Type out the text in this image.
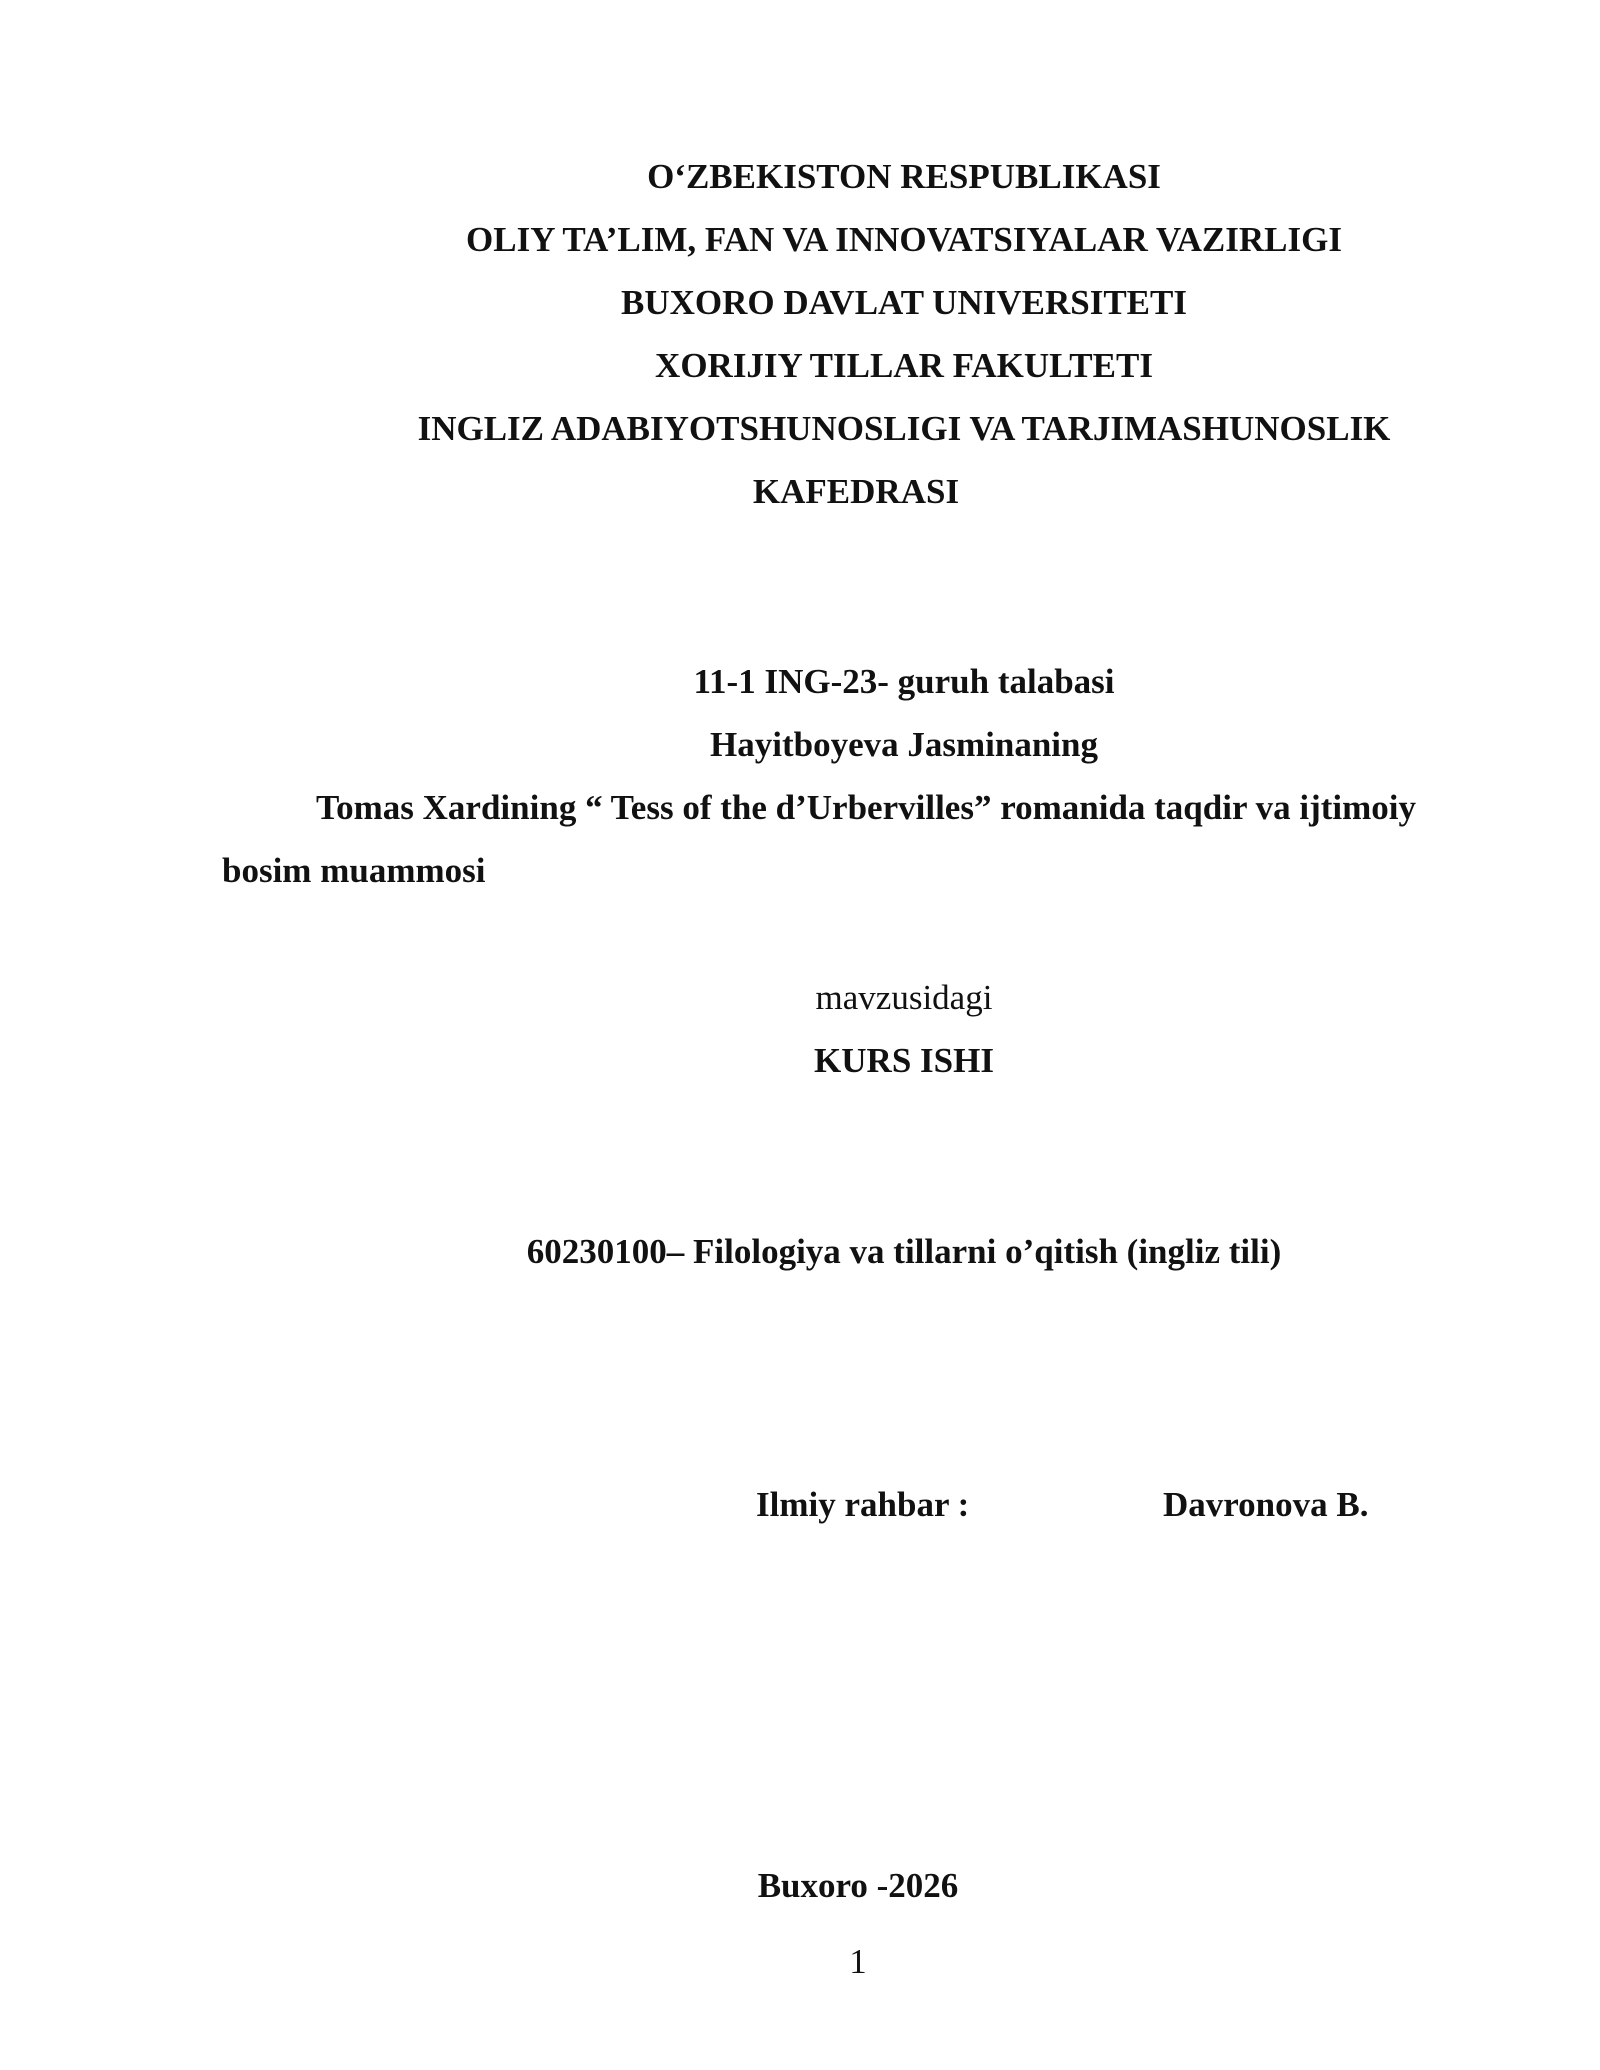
O‘ZBEKISTON RESPUBLIKASI
OLIY TA’LIM, FAN VA INNOVATSIYALAR VAZIRLIGI
BUXORO DAVLAT UNIVERSITETI
XORIJIY TILLAR FAKULTETI
INGLIZ ADABIYOTSHUNOSLIGI VA TARJIMASHUNOSLIK
KAFEDRASI
11-1 ING-23- guruh talabasi
Hayitboyeva Jasminaning
Tomas Xardining “ Tess of the d’Urbervilles” romanida taqdir va ijtimoiy
bosim muammosi
mavzusidagi
KURS ISHI
60230100– Filologiya va tillarni o’qitish (ingliz tili)
Ilmiy rahbar :	Davronova B.
Buxoro -2026
1
